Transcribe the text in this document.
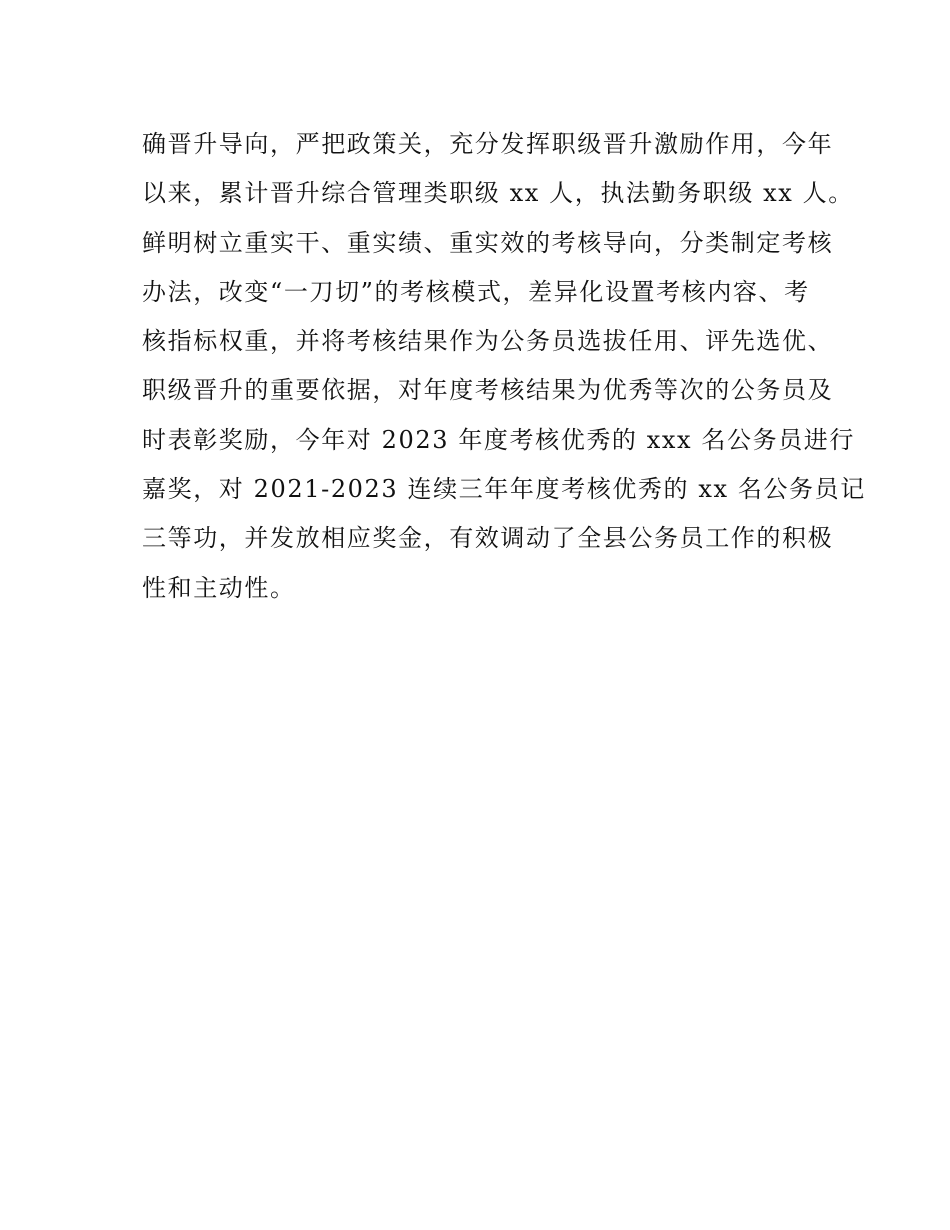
确晋升导向，严把政策关，充分发挥职级晋升激励作用，今年
以来，累计晋升综合管理类职级 xx 人，执法勤务职级 xx 人。
鲜明树立重实干、重实绩、重实效的考核导向，分类制定考核
办法，改变“一刀切”的考核模式，差异化设置考核内容、考
核指标权重，并将考核结果作为公务员选拔任用、评先选优、
职级晋升的重要依据，对年度考核结果为优秀等次的公务员及
时表彰奖励，今年对 2023 年度考核优秀的 xxx 名公务员进行
嘉奖，对 2021-2023 连续三年年度考核优秀的 xx 名公务员记
三等功，并发放相应奖金，有效调动了全县公务员工作的积极
性和主动性。
